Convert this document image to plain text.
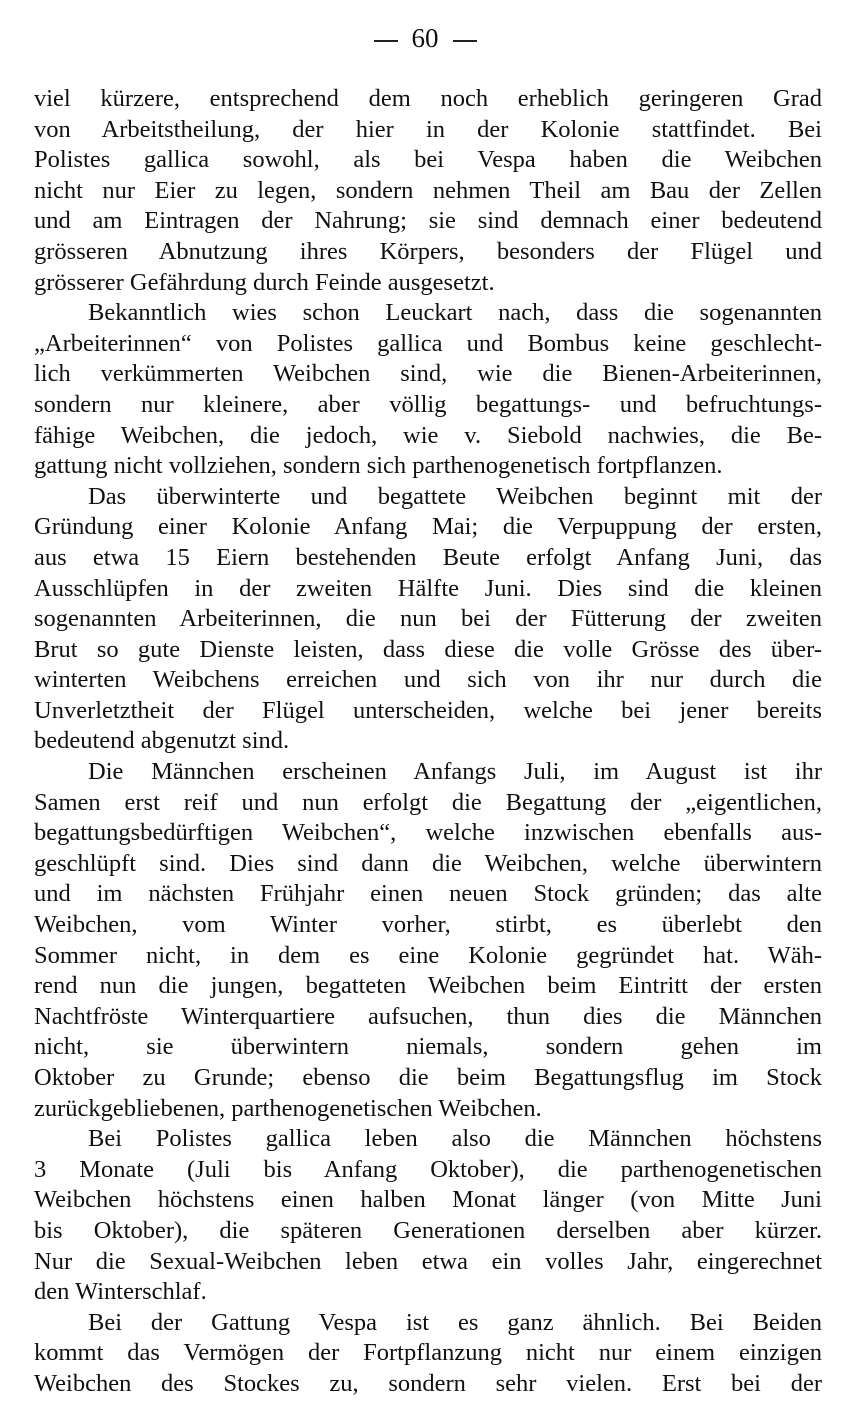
60
viel kürzere, entsprechend dem noch erheblich geringeren Grad
von Arbeitstheilung, der hier in der Kolonie stattfindet. Bei
Polistes gallica sowohl, als bei Vespa haben die Weibchen
nicht nur Eier zu legen, sondern nehmen Theil am Bau der Zellen
und am Eintragen der Nahrung; sie sind demnach einer bedeutend
grösseren Abnutzung ihres Körpers, besonders der Flügel und
grösserer Gefährdung durch Feinde ausgesetzt.
Bekanntlich wies schon Leuckart nach, dass die sogenannten
„Arbeiterinnen“ von Polistes gallica und Bombus keine geschlecht-
lich verkümmerten Weibchen sind, wie die Bienen-Arbeiterinnen,
sondern nur kleinere, aber völlig begattungs- und befruchtungs-
fähige Weibchen, die jedoch, wie v. Siebold nachwies, die Be-
gattung nicht vollziehen, sondern sich parthenogenetisch fortpflanzen.
Das überwinterte und begattete Weibchen beginnt mit der
Gründung einer Kolonie Anfang Mai; die Verpuppung der ersten,
aus etwa 15 Eiern bestehenden Beute erfolgt Anfang Juni, das
Ausschlüpfen in der zweiten Hälfte Juni. Dies sind die kleinen
sogenannten Arbeiterinnen, die nun bei der Fütterung der zweiten
Brut so gute Dienste leisten, dass diese die volle Grösse des über-
winterten Weibchens erreichen und sich von ihr nur durch die
Unverletztheit der Flügel unterscheiden, welche bei jener bereits
bedeutend abgenutzt sind.
Die Männchen erscheinen Anfangs Juli, im August ist ihr
Samen erst reif und nun erfolgt die Begattung der „eigentlichen,
begattungsbedürftigen Weibchen“, welche inzwischen ebenfalls aus-
geschlüpft sind. Dies sind dann die Weibchen, welche überwintern
und im nächsten Frühjahr einen neuen Stock gründen; das alte
Weibchen, vom Winter vorher, stirbt, es überlebt den
Sommer nicht, in dem es eine Kolonie gegründet hat. Wäh-
rend nun die jungen, begatteten Weibchen beim Eintritt der ersten
Nachtfröste Winterquartiere aufsuchen, thun dies die Männchen
nicht, sie überwintern niemals, sondern gehen im
Oktober zu Grunde; ebenso die beim Begattungsflug im Stock
zurückgebliebenen, parthenogenetischen Weibchen.
Bei Polistes gallica leben also die Männchen höchstens
3 Monate (Juli bis Anfang Oktober), die parthenogenetischen
Weibchen höchstens einen halben Monat länger (von Mitte Juni
bis Oktober), die späteren Generationen derselben aber kürzer.
Nur die Sexual-Weibchen leben etwa ein volles Jahr, eingerechnet
den Winterschlaf.
Bei der Gattung Vespa ist es ganz ähnlich. Bei Beiden
kommt das Vermögen der Fortpflanzung nicht nur einem einzigen
Weibchen des Stockes zu, sondern sehr vielen. Erst bei der
